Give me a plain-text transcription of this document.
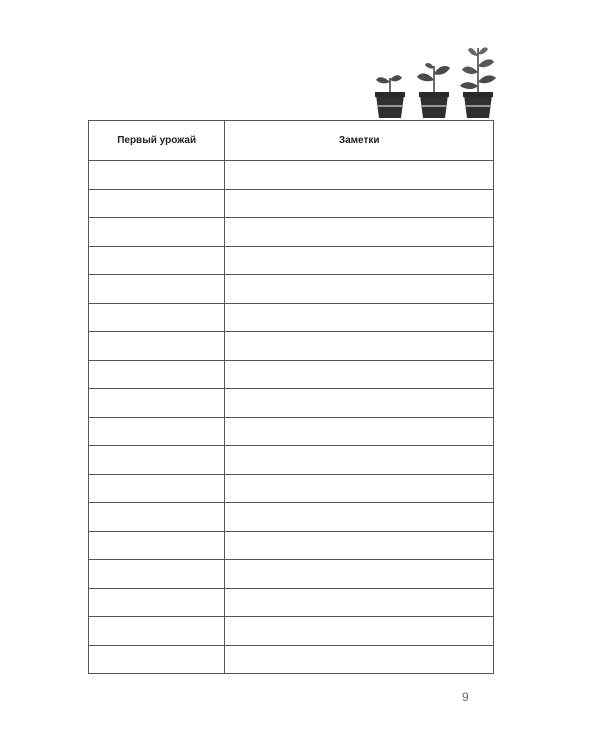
Первый урожай	Заметки

9
